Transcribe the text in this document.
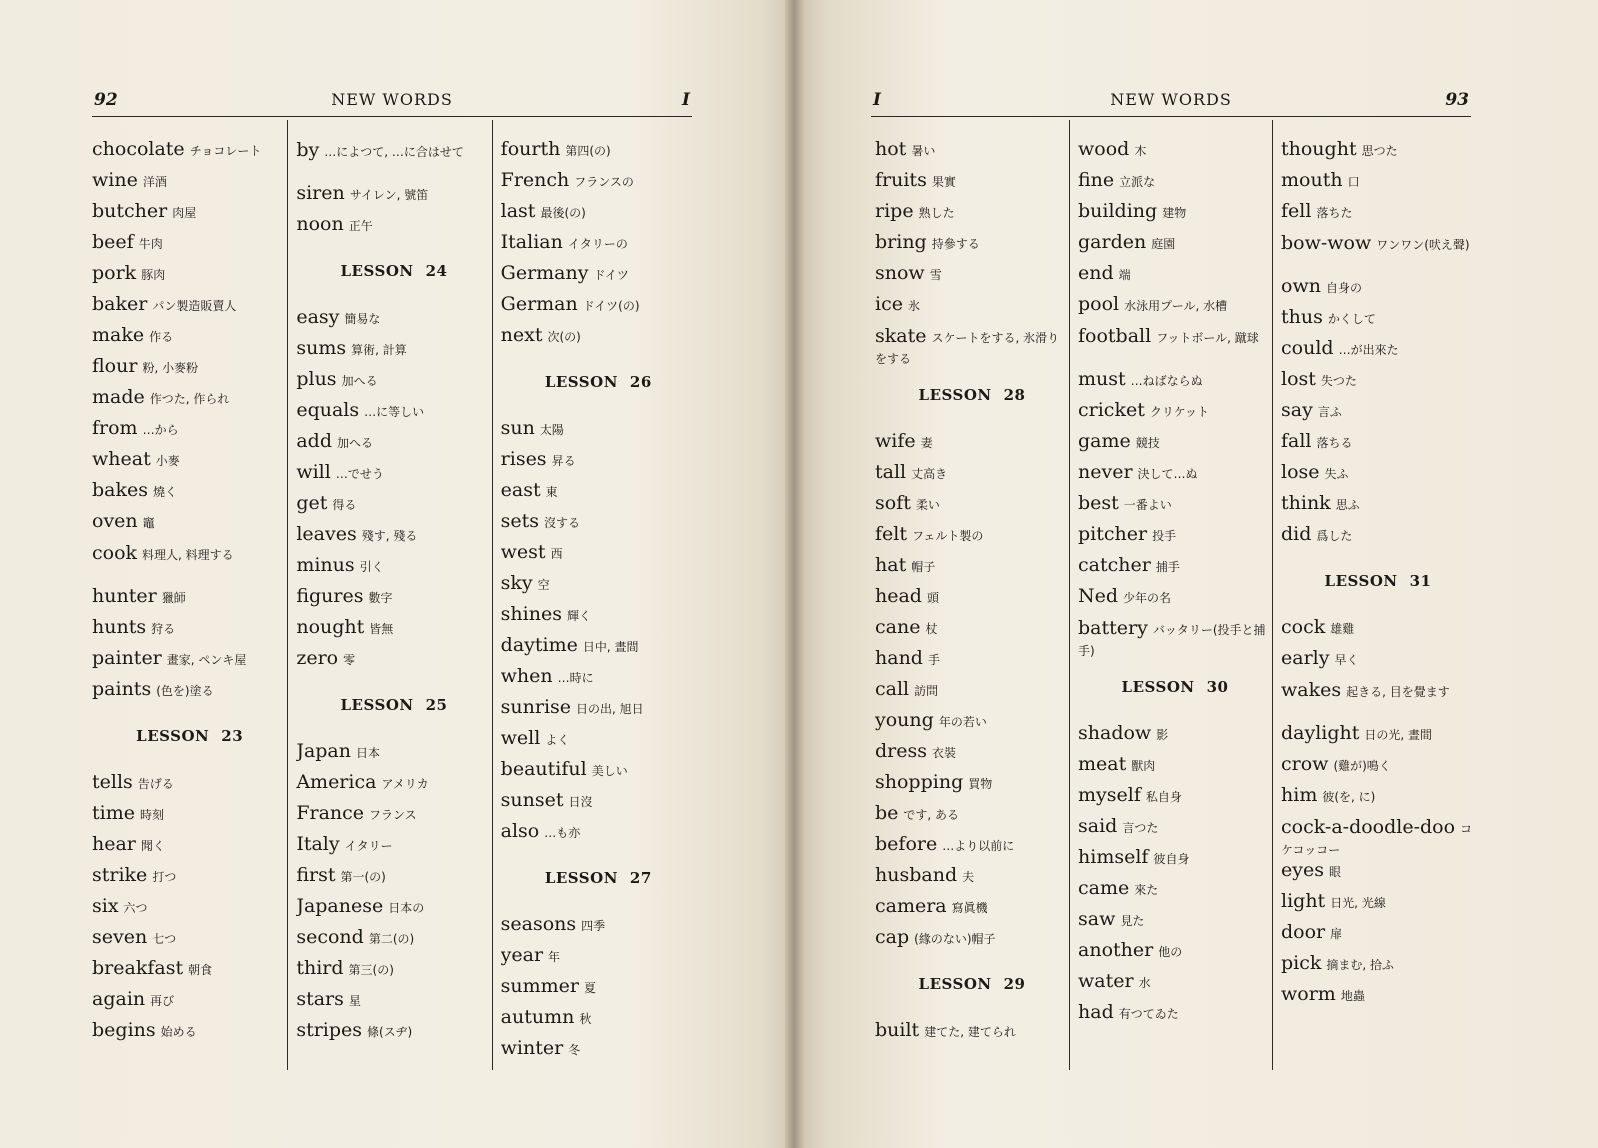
92	NEW WORDS	I
chocolate チョコレート
wine 洋酒
butcher 肉屋
beef 牛肉
pork 豚肉
baker パン製造販賣人
make 作る
flour 粉, 小麥粉
made 作つた, 作られ
from …から
wheat 小麥
bakes 燒く
oven 竈
cook 料理人, 料理する
hunter 獵師
hunts 狩る
painter 畫家, ペンキ屋
paints (色を)塗る
LESSON 23
tells 告げる
time 時刻
hear 聞く
strike 打つ
six 六つ
seven 七つ
breakfast 朝食
again 再び
begins 始める
by …によつて, …に合はせて
siren サイレン, 號笛
noon 正午
LESSON 24
easy 簡易な
sums 算術, 計算
plus 加へる
equals …に等しい
add 加へる
will …でせう
get 得る
leaves 殘す, 殘る
minus 引く
figures 數字
nought 皆無
zero 零
LESSON 25
Japan 日本
America アメリカ
France フランス
Italy イタリー
first 第一(の)
Japanese 日本の
second 第二(の)
third 第三(の)
stars 星
stripes 條(スヂ)
fourth 第四(の)
French フランスの
last 最後(の)
Italian イタリーの
Germany ドイツ
German ドイツ(の)
next 次(の)
LESSON 26
sun 太陽
rises 昇る
east 東
sets 沒する
west 西
sky 空
shines 輝く
daytime 日中, 晝間
when …時に
sunrise 日の出, 旭日
well よく
beautiful 美しい
sunset 日沒
also …も亦
LESSON 27
seasons 四季
year 年
summer 夏
autumn 秋
winter 冬
I	NEW WORDS	93
hot 暑い
fruits 果實
ripe 熟した
bring 持參する
snow 雪
ice 氷
skate スケートをする, 氷滑りをする
LESSON 28
wife 妻
tall 丈高き
soft 柔い
felt フェルト製の
hat 帽子
head 頭
cane 杖
hand 手
call 訪問
young 年の若い
dress 衣裝
shopping 買物
be です, ある
before …より以前に
husband 夫
camera 寫眞機
cap (緣のない)帽子
LESSON 29
built 建てた, 建てられ
wood 木
fine 立派な
building 建物
garden 庭園
end 端
pool 水泳用プール, 水槽
football フットボール, 蹴球
must …ねばならぬ
cricket クリケット
game 競技
never 決して…ぬ
best 一番よい
pitcher 投手
catcher 捕手
Ned 少年の名
battery バッタリー(投手と捕手)
LESSON 30
shadow 影
meat 獸肉
myself 私自身
said 言つた
himself 彼自身
came 來た
saw 見た
another 他の
water 水
had 有つてゐた
thought 思つた
mouth 口
fell 落ちた
bow-wow ワンワン(吠え聲)
own 自身の
thus かくして
could …が出來た
lost 失つた
say 言ふ
fall 落ちる
lose 失ふ
think 思ふ
did 爲した
LESSON 31
cock 雄雞
early 早く
wakes 起きる, 目を覺ます
daylight 日の光, 晝間
crow (雞が)鳴く
him 彼(を, に)
cock-a-doodle-doo コケコッコー
eyes 眼
light 日光, 光線
door 扉
pick 摘まむ, 拾ふ
worm 地蟲
